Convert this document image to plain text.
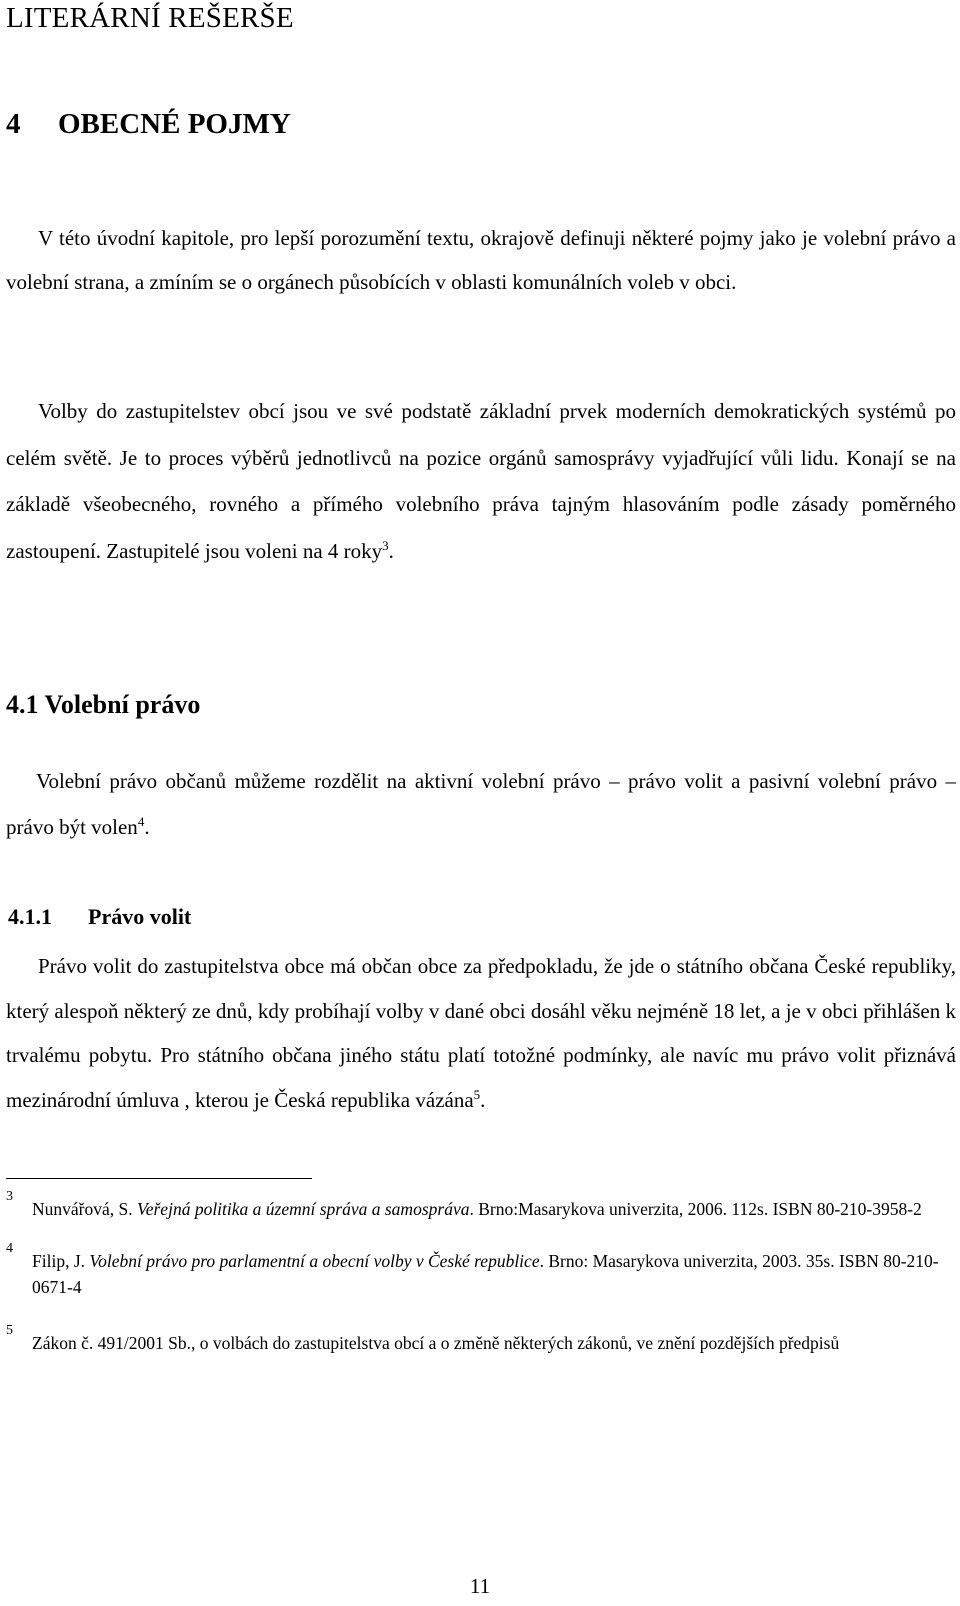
LITERÁRNÍ REŠERŠE
4 OBECNÉ POJMY

V této úvodní kapitole, pro lepší porozumění textu, okrajově definuji některé pojmy jako je volební právo a volební strana, a zmíním se o orgánech působících v oblasti komunálních voleb v obci.

Volby do zastupitelstev obcí jsou ve své podstatě základní prvek moderních demokratických systémů po celém světě. Je to proces výběrů jednotlivců na pozice orgánů samosprávy vyjadřující vůli lidu. Konají se na základě všeobecného, rovného a přímého volebního práva tajným hlasováním podle zásady poměrného zastoupení. Zastupitelé jsou voleni na 4 roky$^3$.

4.1 Volební právo

Volební právo občanů můžeme rozdělit na aktivní volební právo – právo volit a pasivní volební právo – právo být volen$^4$.

4.1.1 Právo volit

Právo volit do zastupitelstva obce má občan obce za předpokladu, že jde o státního občana České republiky, který alespoň některý ze dnů, kdy probíhají volby v dané obci dosáhl věku nejméně 18 let, a je v obci přihlášen k trvalému pobytu. Pro státního občana jiného státu platí totožné podmínky, ale navíc mu právo volit přiznává mezinárodní úmluva , kterou je Česká republika vázána$^5$.

3
Nunvářová, S. Veřejná politika a územní správa a samospráva. Brno:Masarykova univerzita, 2006. 112s. ISBN 80-210-3958-2
4
Filip, J. Volební právo pro parlamentní a obecní volby v České republice. Brno: Masarykova univerzita, 2003. 35s. ISBN 80-210-0671-4
5
Zákon č. 491/2001 Sb., o volbách do zastupitelstva obcí a o změně některých zákonů, ve znění pozdějších předpisů
11
